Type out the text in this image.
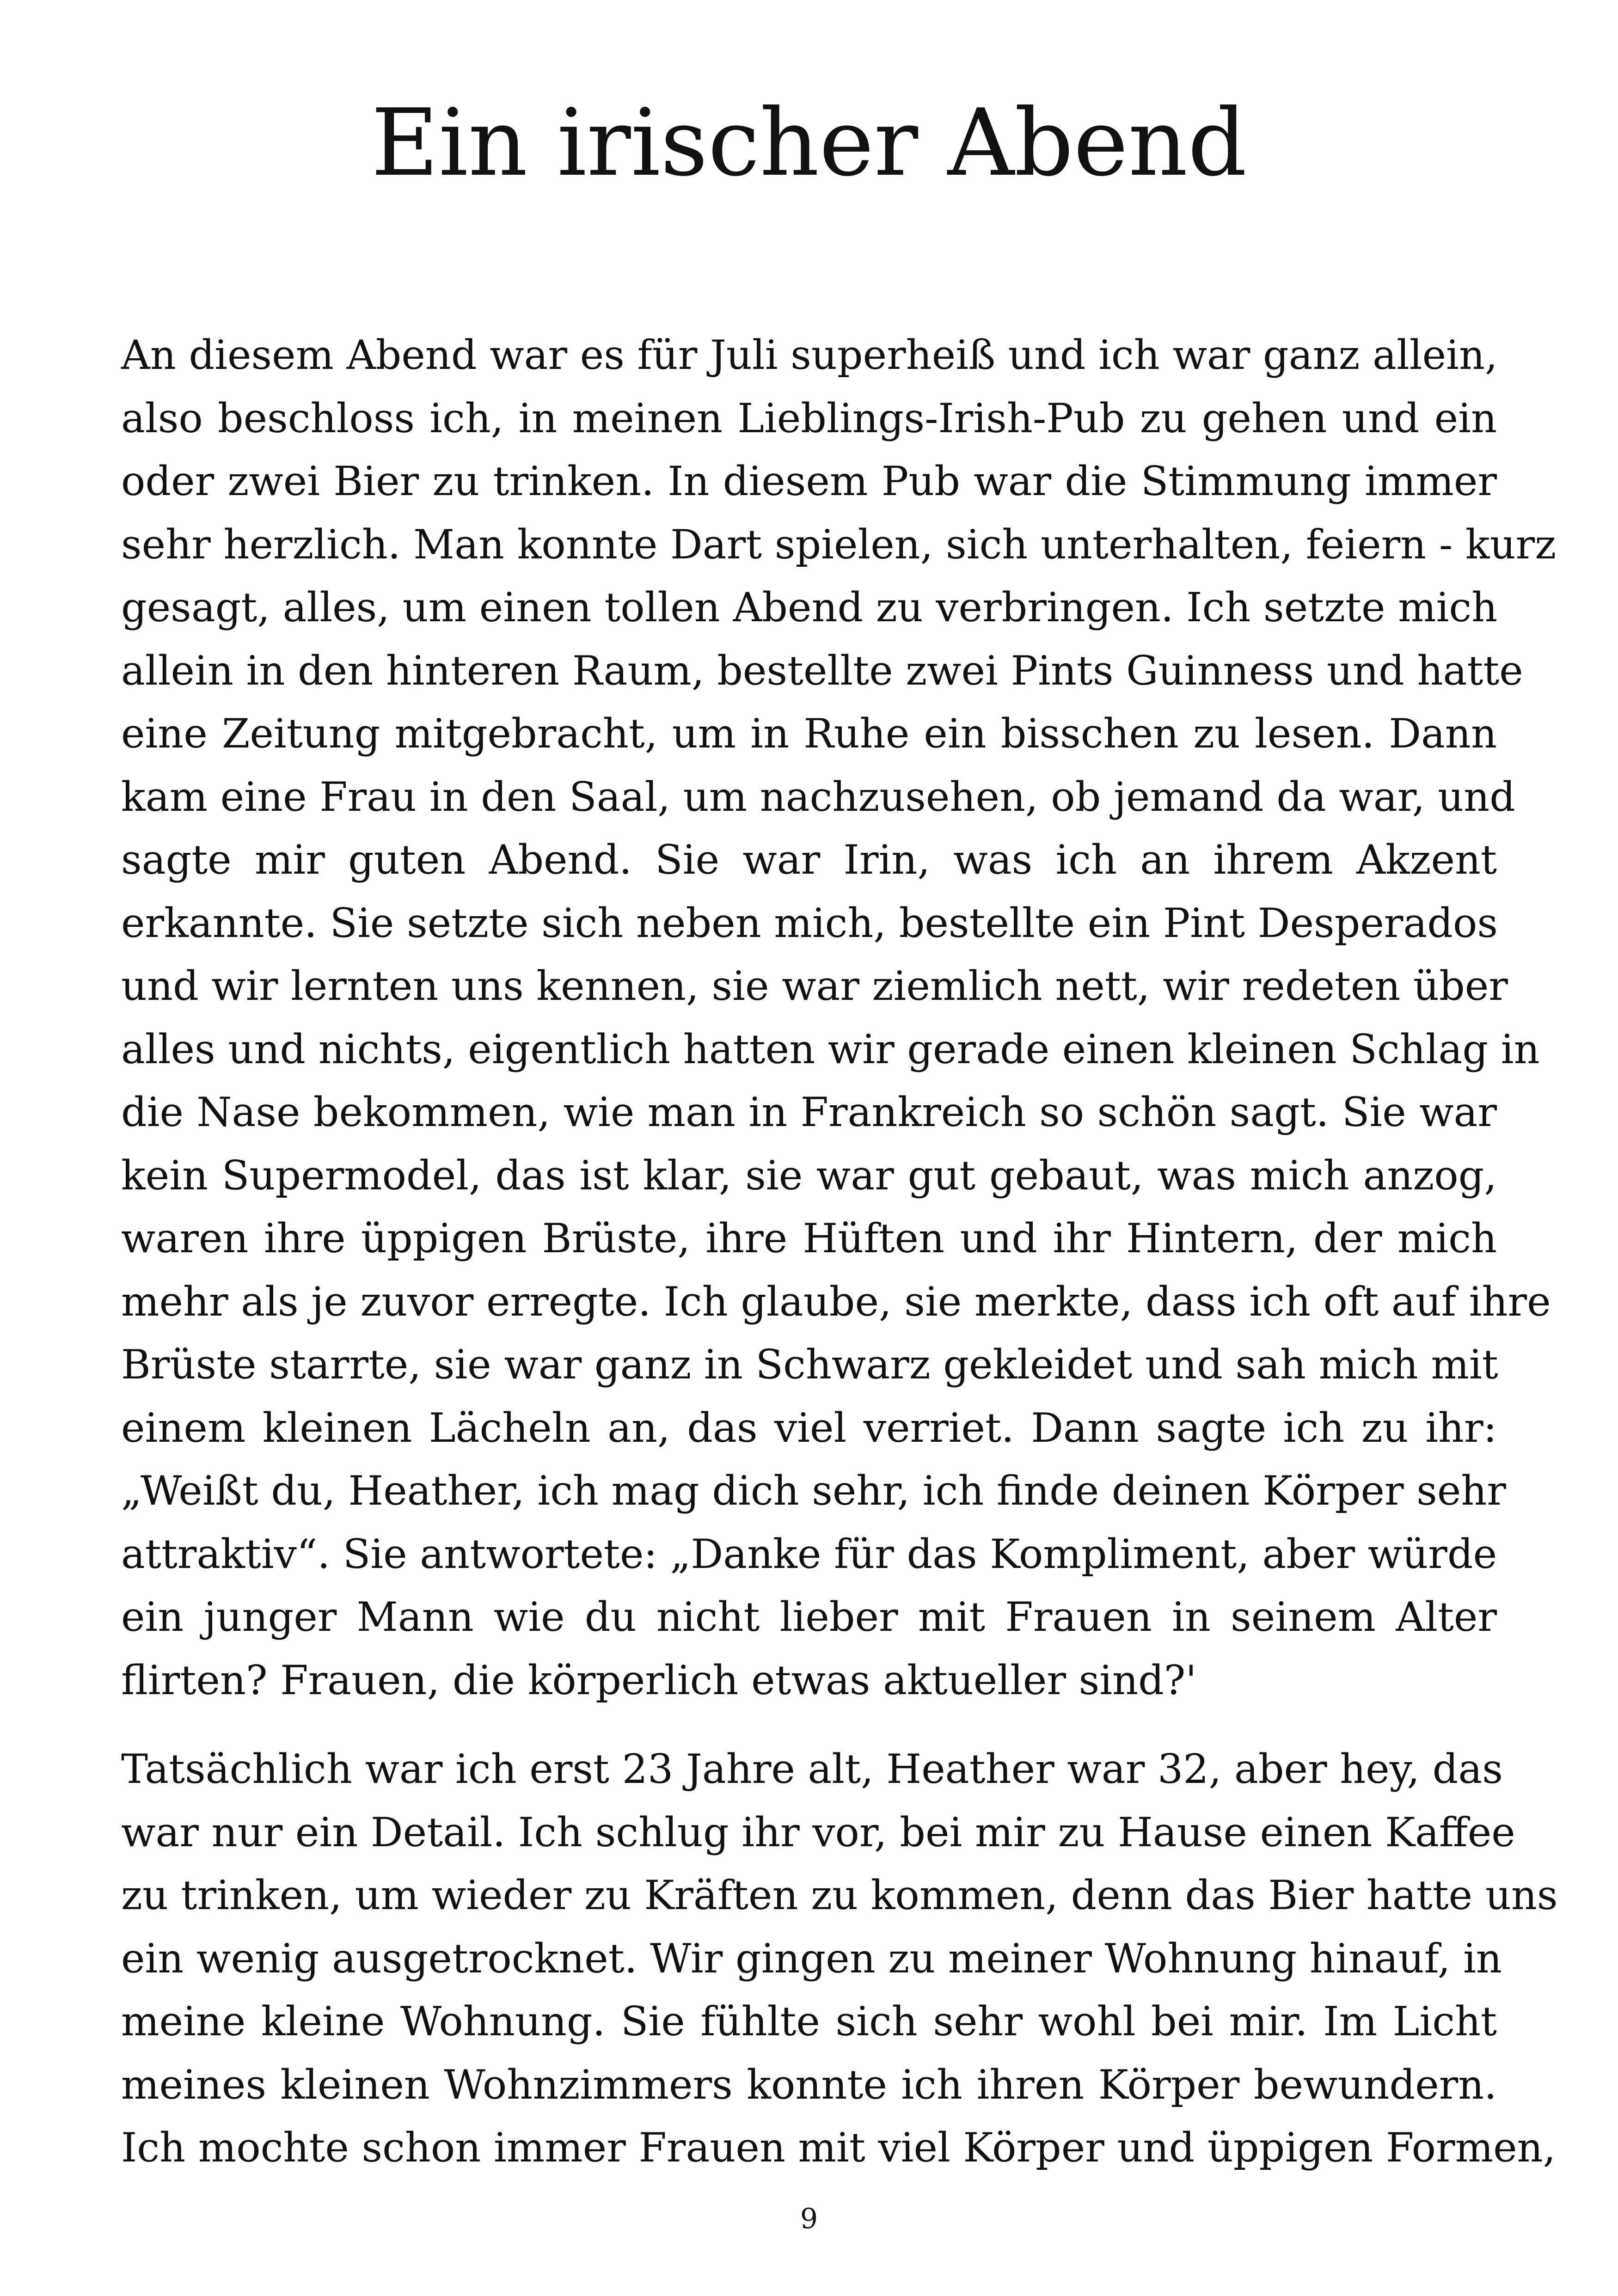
Ein irischer Abend

An diesem Abend war es für Juli superheiß und ich war ganz allein,
also beschloss ich, in meinen Lieblings-Irish-Pub zu gehen und ein
oder zwei Bier zu trinken. In diesem Pub war die Stimmung immer
sehr herzlich. Man konnte Dart spielen, sich unterhalten, feiern - kurz
gesagt, alles, um einen tollen Abend zu verbringen. Ich setzte mich
allein in den hinteren Raum, bestellte zwei Pints Guinness und hatte
eine Zeitung mitgebracht, um in Ruhe ein bisschen zu lesen. Dann
kam eine Frau in den Saal, um nachzusehen, ob jemand da war, und
sagte mir guten Abend. Sie war Irin, was ich an ihrem Akzent
erkannte. Sie setzte sich neben mich, bestellte ein Pint Desperados
und wir lernten uns kennen, sie war ziemlich nett, wir redeten über
alles und nichts, eigentlich hatten wir gerade einen kleinen Schlag in
die Nase bekommen, wie man in Frankreich so schön sagt. Sie war
kein Supermodel, das ist klar, sie war gut gebaut, was mich anzog,
waren ihre üppigen Brüste, ihre Hüften und ihr Hintern, der mich
mehr als je zuvor erregte. Ich glaube, sie merkte, dass ich oft auf ihre
Brüste starrte, sie war ganz in Schwarz gekleidet und sah mich mit
einem kleinen Lächeln an, das viel verriet. Dann sagte ich zu ihr:
„Weißt du, Heather, ich mag dich sehr, ich finde deinen Körper sehr
attraktiv“. Sie antwortete: „Danke für das Kompliment, aber würde
ein junger Mann wie du nicht lieber mit Frauen in seinem Alter
flirten? Frauen, die körperlich etwas aktueller sind?'

Tatsächlich war ich erst 23 Jahre alt, Heather war 32, aber hey, das
war nur ein Detail. Ich schlug ihr vor, bei mir zu Hause einen Kaffee
zu trinken, um wieder zu Kräften zu kommen, denn das Bier hatte uns
ein wenig ausgetrocknet. Wir gingen zu meiner Wohnung hinauf, in
meine kleine Wohnung. Sie fühlte sich sehr wohl bei mir. Im Licht
meines kleinen Wohnzimmers konnte ich ihren Körper bewundern.
Ich mochte schon immer Frauen mit viel Körper und üppigen Formen,

9
